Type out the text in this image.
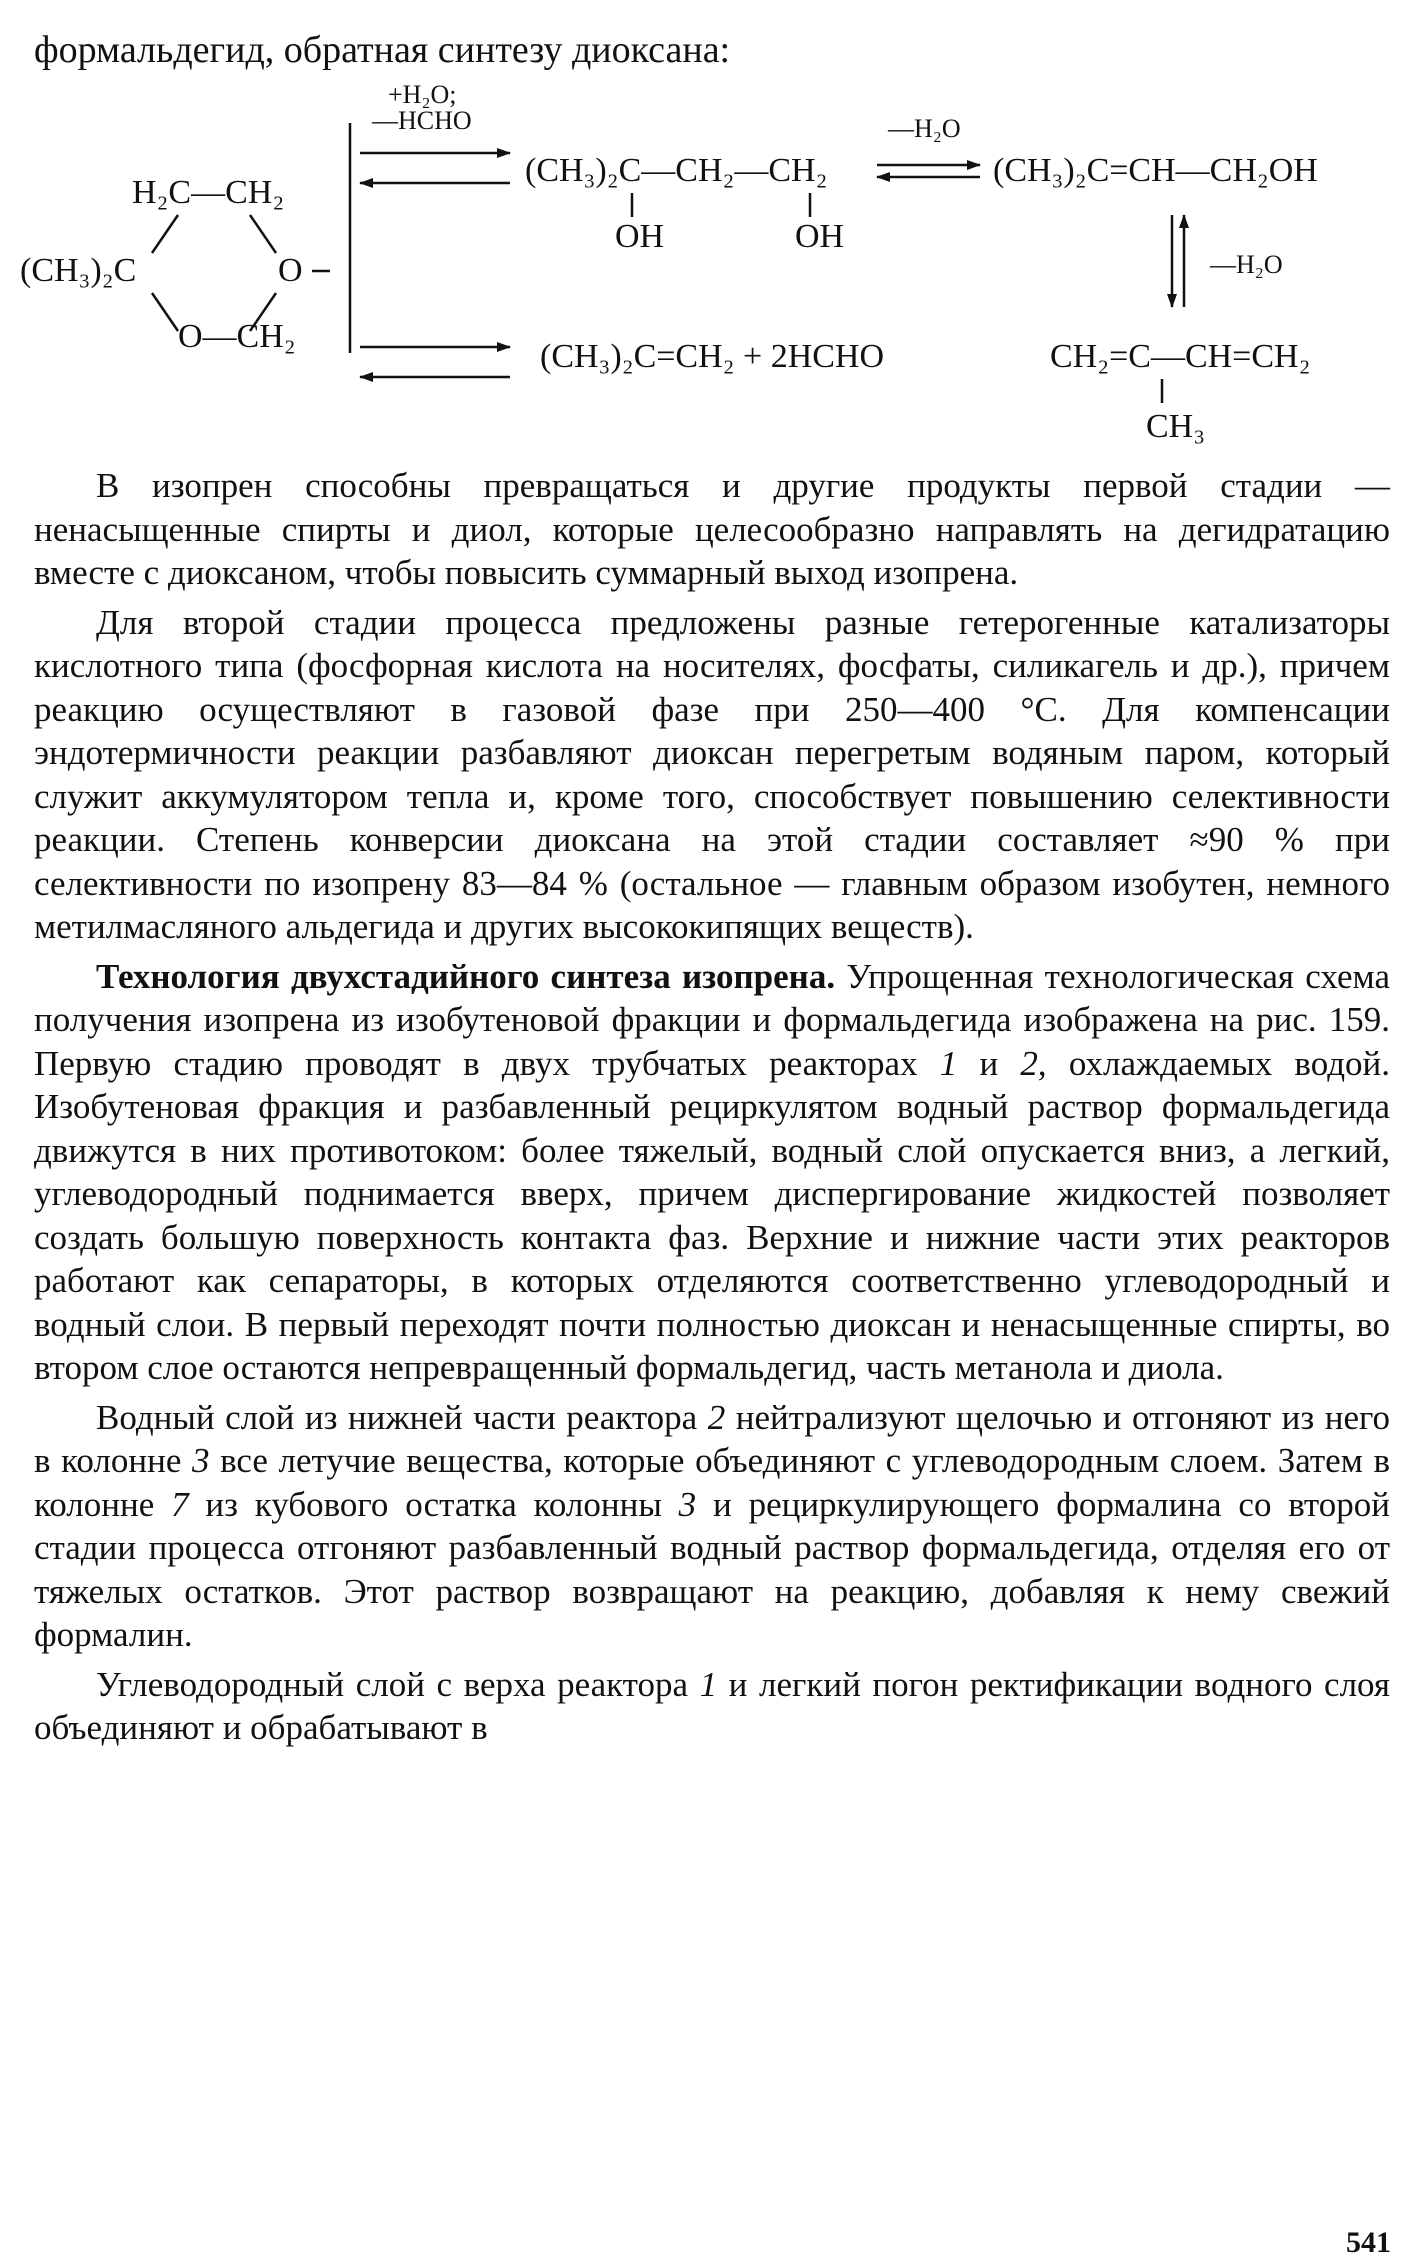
формальдегид, обратная синтезу диоксана:

H₂C—CH₂
(CH₃)₂C	O
O—CH₂
+H₂O;
—HCHO
(CH₃)₂C—CH₂—CH₂
OH	OH
—H₂O
(CH₃)₂C=CH—CH₂OH
—H₂O
(CH₃)₂C=CH₂ + 2HCHO	CH₂=C—CH=CH₂
CH₃

В изопрен способны превращаться и другие продукты первой стадии — ненасыщенные спирты и диол, которые целесообразно направлять на дегидратацию вместе с диоксаном, чтобы повысить суммарный выход изопрена.

Для второй стадии процесса предложены разные гетерогенные катализаторы кислотного типа (фосфорная кислота на носителях, фосфаты, силикагель и др.), причем реакцию осуществляют в газовой фазе при 250—400 °C. Для компенсации эндотермичности реакции разбавляют диоксан перегретым водяным паром, который служит аккумулятором тепла и, кроме того, способствует повышению селективности реакции. Степень конверсии диоксана на этой стадии составляет ≈90 % при селективности по изопрену 83—84 % (остальное — главным образом изобутен, немного метилмасляного альдегида и других высококипящих веществ).

Технология двухстадийного синтеза изопрена. Упрощенная технологическая схема получения изопрена из изобутеновой фракции и формальдегида изображена на рис. 159. Первую стадию проводят в двух трубчатых реакторах 1 и 2, охлаждаемых водой. Изобутеновая фракция и разбавленный рециркулятом водный раствор формальдегида движутся в них противотоком: более тяжелый, водный слой опускается вниз, а легкий, углеводородный поднимается вверх, причем диспергирование жидкостей позволяет создать большую поверхность контакта фаз. Верхние и нижние части этих реакторов работают как сепараторы, в которых отделяются соответственно углеводородный и водный слои. В первый переходят почти полностью диоксан и ненасыщенные спирты, во втором слое остаются непревращенный формальдегид, часть метанола и диола.

Водный слой из нижней части реактора 2 нейтрализуют щелочью и отгоняют из него в колонне 3 все летучие вещества, которые объединяют с углеводородным слоем. Затем в колонне 7 из кубового остатка колонны 3 и рециркулирующего формалина со второй стадии процесса отгоняют разбавленный водный раствор формальдегида, отделяя его от тяжелых остатков. Этот раствор возвращают на реакцию, добавляя к нему свежий формалин.

Углеводородный слой с верха реактора 1 и легкий погон ректификации водного слоя объединяют и обрабатывают в

541
